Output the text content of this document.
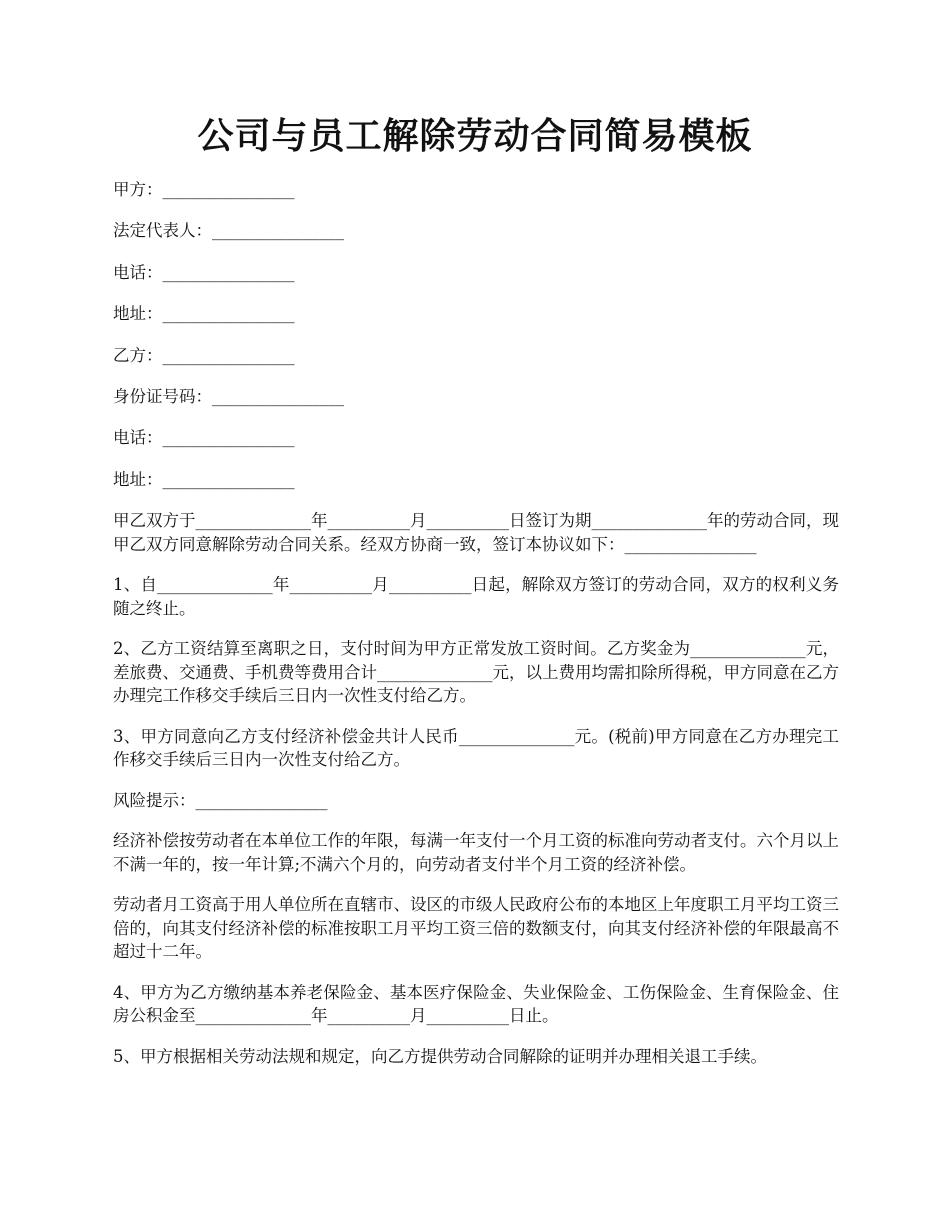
公司与员工解除劳动合同简易模板
甲方：________________
法定代表人：________________
电话：________________
地址：________________
乙方：________________
身份证号码：________________
电话：________________
地址：________________

甲乙双方于______________年__________月__________日签订为期______________年的劳动合同，现甲乙双方同意解除劳动合同关系。经双方协商一致，签订本协议如下：________________

1、自______________年__________月__________日起，解除双方签订的劳动合同，双方的权利义务随之终止。

2、乙方工资结算至离职之日，支付时间为甲方正常发放工资时间。乙方奖金为______________元，差旅费、交通费、手机费等费用合计______________元，以上费用均需扣除所得税，甲方同意在乙方办理完工作移交手续后三日内一次性支付给乙方。

3、甲方同意向乙方支付经济补偿金共计人民币______________元。(税前)甲方同意在乙方办理完工作移交手续后三日内一次性支付给乙方。

风险提示：________________

经济补偿按劳动者在本单位工作的年限，每满一年支付一个月工资的标准向劳动者支付。六个月以上不满一年的，按一年计算;不满六个月的，向劳动者支付半个月工资的经济补偿。

劳动者月工资高于用人单位所在直辖市、设区的市级人民政府公布的本地区上年度职工月平均工资三倍的，向其支付经济补偿的标准按职工月平均工资三倍的数额支付，向其支付经济补偿的年限最高不超过十二年。

4、甲方为乙方缴纳基本养老保险金、基本医疗保险金、失业保险金、工伤保险金、生育保险金、住房公积金至______________年__________月__________日止。

5、甲方根据相关劳动法规和规定，向乙方提供劳动合同解除的证明并办理相关退工手续。
